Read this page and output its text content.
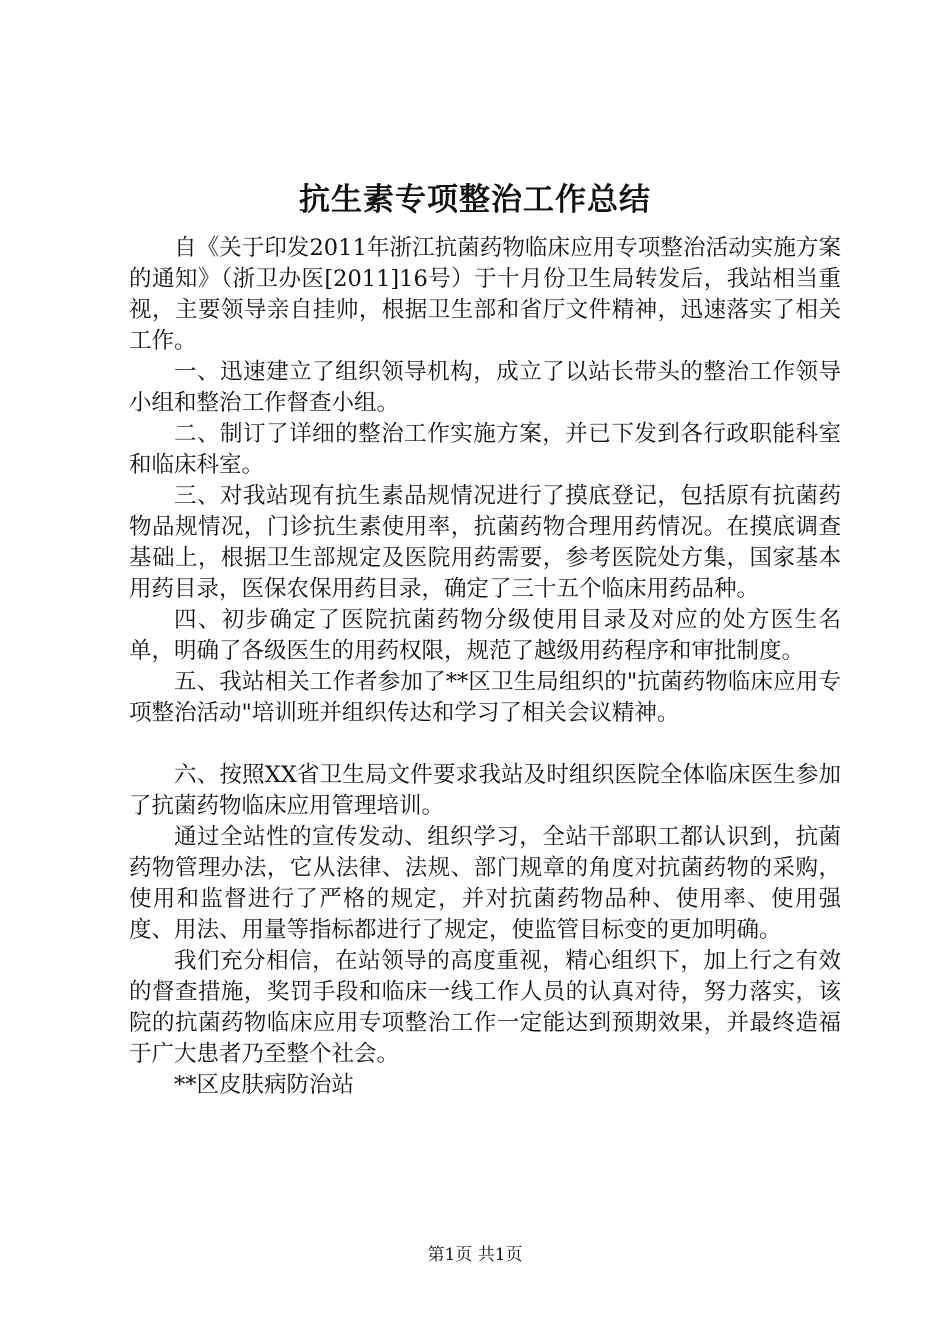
抗生素专项整治工作总结

自《关于印发2011年浙江抗菌药物临床应用专项整治活动实施方案的通知》（浙卫办医[2011]16号）于十月份卫生局转发后，我站相当重视，主要领导亲自挂帅，根据卫生部和省厅文件精神，迅速落实了相关工作。

一、迅速建立了组织领导机构，成立了以站长带头的整治工作领导小组和整治工作督查小组。

二、制订了详细的整治工作实施方案，并已下发到各行政职能科室和临床科室。

三、对我站现有抗生素品规情况进行了摸底登记，包括原有抗菌药物品规情况，门诊抗生素使用率，抗菌药物合理用药情况。在摸底调查基础上，根据卫生部规定及医院用药需要，参考医院处方集，国家基本用药目录，医保农保用药目录，确定了三十五个临床用药品种。

四、初步确定了医院抗菌药物分级使用目录及对应的处方医生名单，明确了各级医生的用药权限，规范了越级用药程序和审批制度。

五、我站相关工作者参加了**区卫生局组织的"抗菌药物临床应用专项整治活动"培训班并组织传达和学习了相关会议精神。

六、按照XX省卫生局文件要求我站及时组织医院全体临床医生参加了抗菌药物临床应用管理培训。

通过全站性的宣传发动、组织学习，全站干部职工都认识到，抗菌药物管理办法，它从法律、法规、部门规章的角度对抗菌药物的采购，使用和监督进行了严格的规定，并对抗菌药物品种、使用率、使用强度、用法、用量等指标都进行了规定，使监管目标变的更加明确。

我们充分相信，在站领导的高度重视，精心组织下，加上行之有效的督查措施，奖罚手段和临床一线工作人员的认真对待，努力落实，该院的抗菌药物临床应用专项整治工作一定能达到预期效果，并最终造福于广大患者乃至整个社会。

**区皮肤病防治站

第1页 共1页
